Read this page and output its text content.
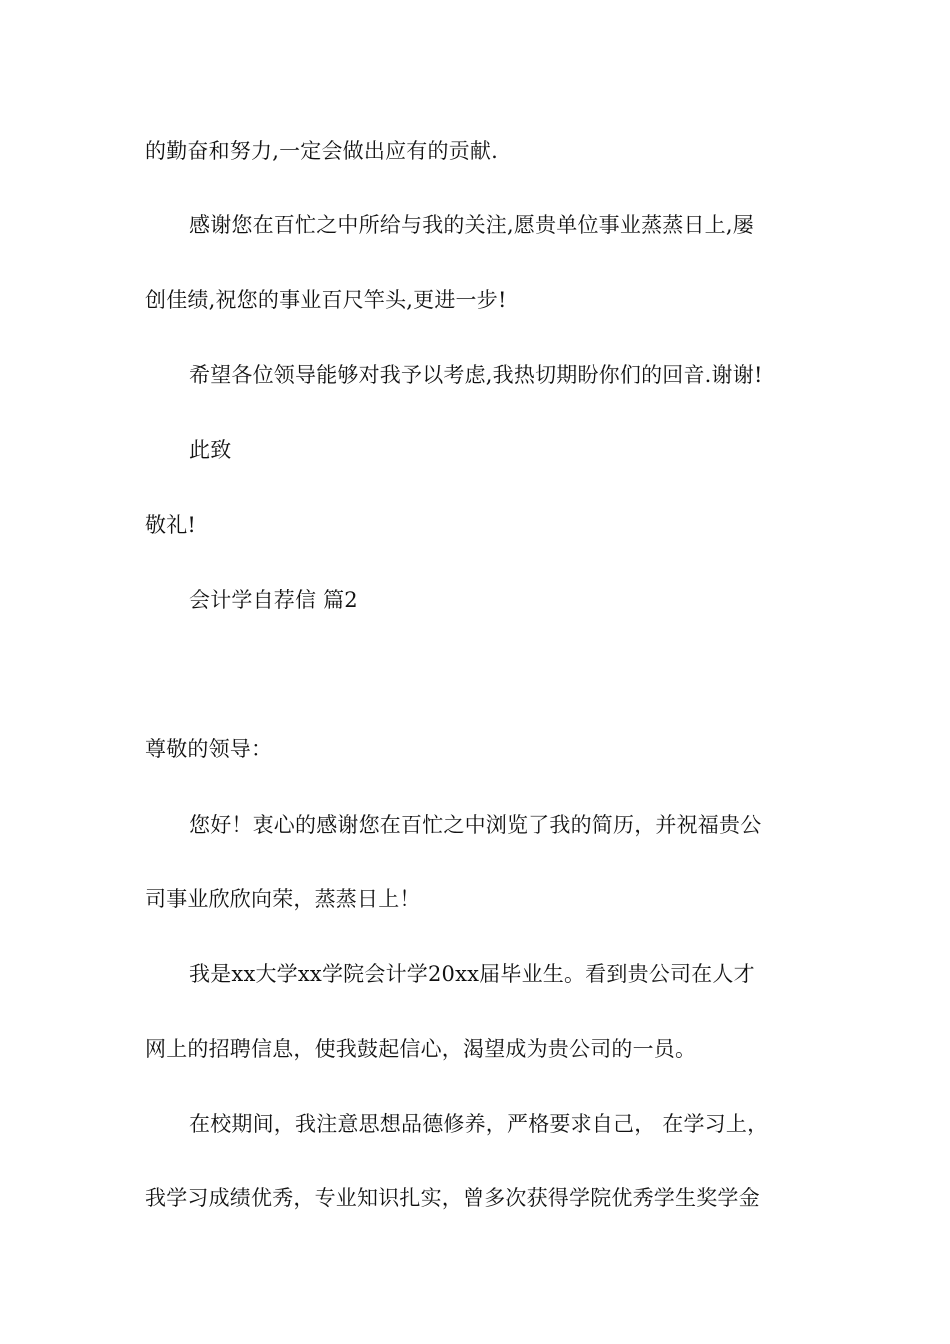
的勤奋和努力,一定会做出应有的贡献.
感谢您在百忙之中所给与我的关注,愿贵单位事业蒸蒸日上,屡
创佳绩,祝您的事业百尺竿头,更进一步!
希望各位领导能够对我予以考虑,我热切期盼你们的回音.谢谢!
此致
敬礼!
会计学自荐信 篇2
尊敬的领导：
您好！衷心的感谢您在百忙之中浏览了我的简历，并祝福贵公
司事业欣欣向荣，蒸蒸日上！
我是xx大学xx学院会计学20xx届毕业生。看到贵公司在人才
网上的招聘信息，使我鼓起信心，渴望成为贵公司的一员。
在校期间，我注意思想品德修养，严格要求自己， 在学习上，
我学习成绩优秀，专业知识扎实，曾多次获得学院优秀学生奖学金
